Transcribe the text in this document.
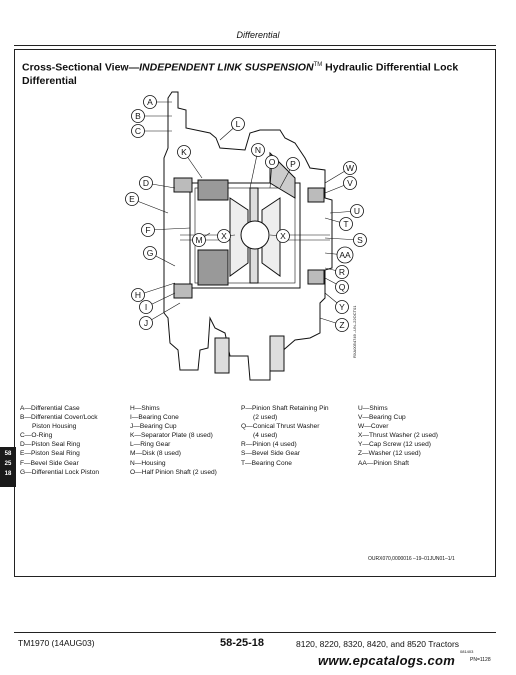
Differential
Cross-Sectional View—INDEPENDENT LINK SUSPENSION™ Hydraulic Differential Lock
Differential
RXA0054749 –UN–22OCT01
A
B
C
K
L
N
O P	W
V
D
E
U
T
S
F
M X	X
AA
G
R
H
Q
I	Y
J	Z
A—Differential Case
B—Differential Cover/Lock
Piston Housing
C—O-Ring
D—Piston Seal Ring
E—Piston Seal Ring
F—Bevel Side Gear
G—Differential Lock Piston
H—Shims
I—Bearing Cone
J—Bearing Cup
K—Separator Plate (8 used)
L—Ring Gear
M—Disk (8 used)
N—Housing
O—Half Pinion Shaft (2 used)
P—Pinion Shaft Retaining Pin
(2 used)
Q—Conical Thrust Washer
(4 used)
R—Pinion (4 used)
S—Bevel Side Gear
T—Bearing Cone

U—Shims
V—Bearing Cup
W—Cover
X—Thrust Washer (2 used)
Y—Cap Screw (12 used)
Z—Washer (12 used)
AA—Pinion Shaft

58
25
18
OURX070,0000016 –19–01JUN01–1/1
TM1970 (14AUG03)	58-25-18	8120, 8220, 8320, 8420, and 8520 Tractors
081403
www.epcatalogs.com	PN=1128
